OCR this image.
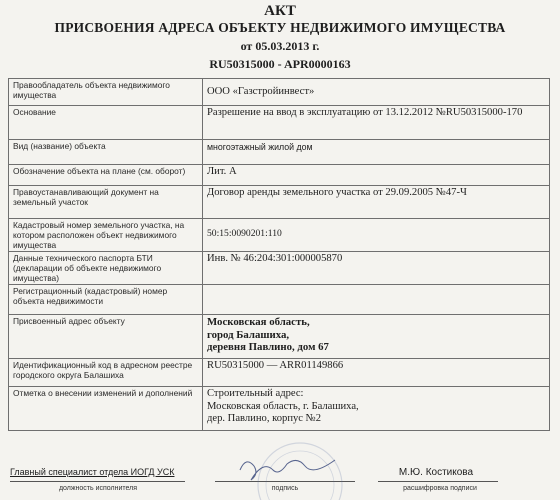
АКТ
ПРИСВОЕНИЯ АДРЕСА ОБЪЕКТУ НЕДВИЖИМОГО ИМУЩЕСТВА
от 05.03.2013 г.
RU50315000 - APR0000163
Правообладатель объекта недвижимого имущества	ООО «Газстройинвест»
Основание	Разрешение на ввод в эксплуатацию от 13.12.2012 №RU50315000-170
Вид (название) объекта	многоэтажный жилой дом
Обозначение объекта на плане (см. оборот)	Лит. А
Правоустанавливающий документ на земельный участок	Договор аренды земельного участка от 29.09.2005 №47-Ч
Кадастровый номер земельного участка, на котором расположен объект недвижимого имущества	50:15:0090201:110
Данные технического паспорта БТИ (декларации об объекте недвижимого имущества)	Инв. № 46:204:301:000005870
Регистрационный (кадастровый) номер объекта недвижимости	
Присвоенный адрес объекту	Московская область,
город Балашиха,
деревня Павлино, дом 67

Идентификационный код в адресном реестре городского округа Балашиха	RU50315000 — ARR01149866
Отметка о внесении изменений и дополнений	Строительный адрес:
Московская область, г. Балашиха,
дер. Павлино, корпус №2
Главный специалист отдела ИОГД УСК
должность исполнителя	подпись
М.Ю. Костикова
расшифровка подписи
